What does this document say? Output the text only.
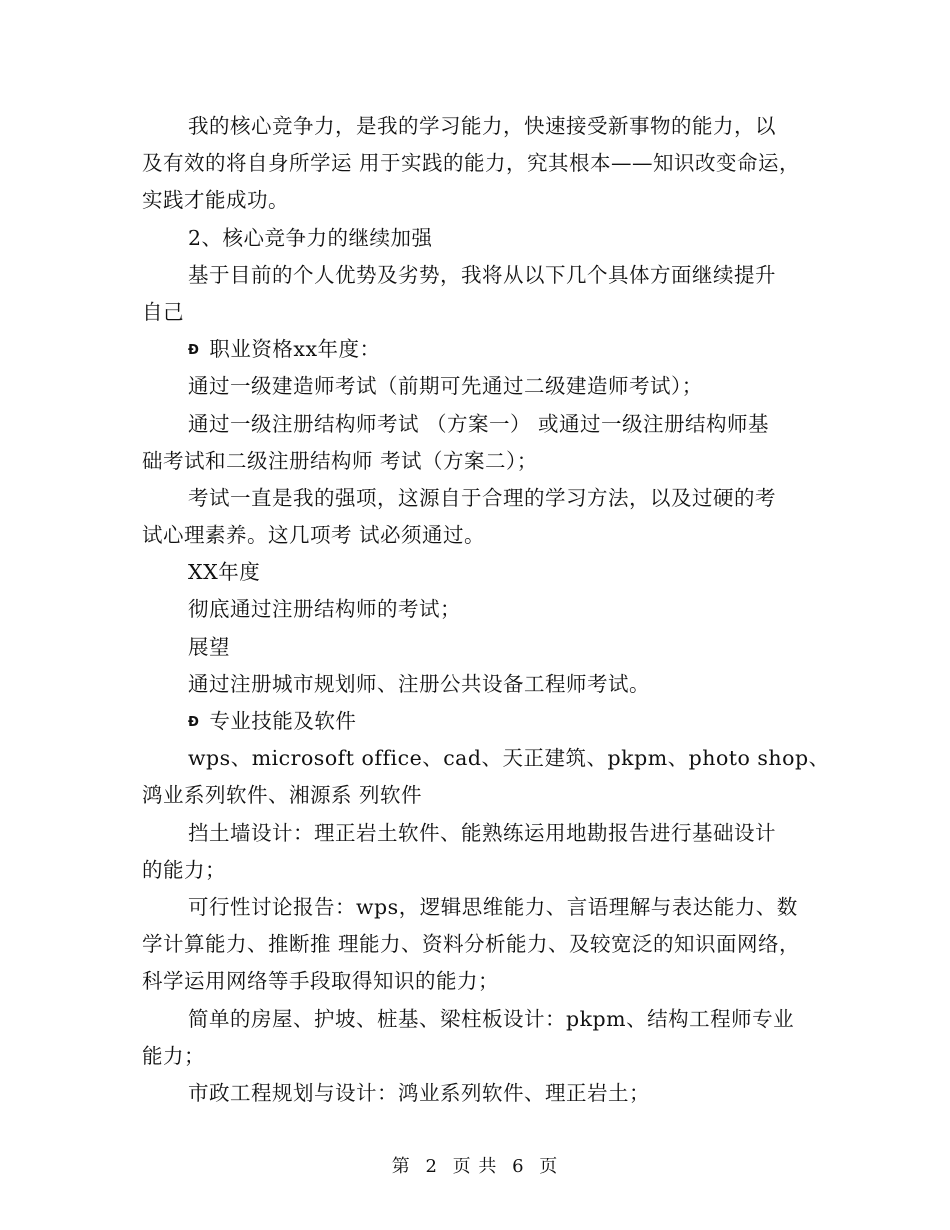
我的核心竞争力，是我的学习能力，快速接受新事物的能力，以
及有效的将自身所学运 用于实践的能力，究其根本——知识改变命运，
实践才能成功。
2、核心竞争力的继续加强
基于目前的个人优势及劣势，我将从以下几个具体方面继续提升
自己
Ð 职业资格xx年度：
通过一级建造师考试（前期可先通过二级建造师考试）；
通过一级注册结构师考试 （方案一） 或通过一级注册结构师基
础考试和二级注册结构师 考试（方案二）；
考试一直是我的强项，这源自于合理的学习方法，以及过硬的考
试心理素养。这几项考 试必须通过。
XX年度
彻底通过注册结构师的考试；
展望
通过注册城市规划师、注册公共设备工程师考试。
Ð 专业技能及软件
wps、microsoft office、cad、天正建筑、pkpm、photo shop、
鸿业系列软件、湘源系 列软件
挡土墙设计：理正岩土软件、能熟练运用地勘报告进行基础设计
的能力；
可行性讨论报告：wps，逻辑思维能力、言语理解与表达能力、数
学计算能力、推断推 理能力、资料分析能力、及较宽泛的知识面网络，
科学运用网络等手段取得知识的能力；
简单的房屋、护坡、桩基、梁柱板设计：pkpm、结构工程师专业
能力；
市政工程规划与设计：鸿业系列软件、理正岩土；
第 2 页 共 6 页
